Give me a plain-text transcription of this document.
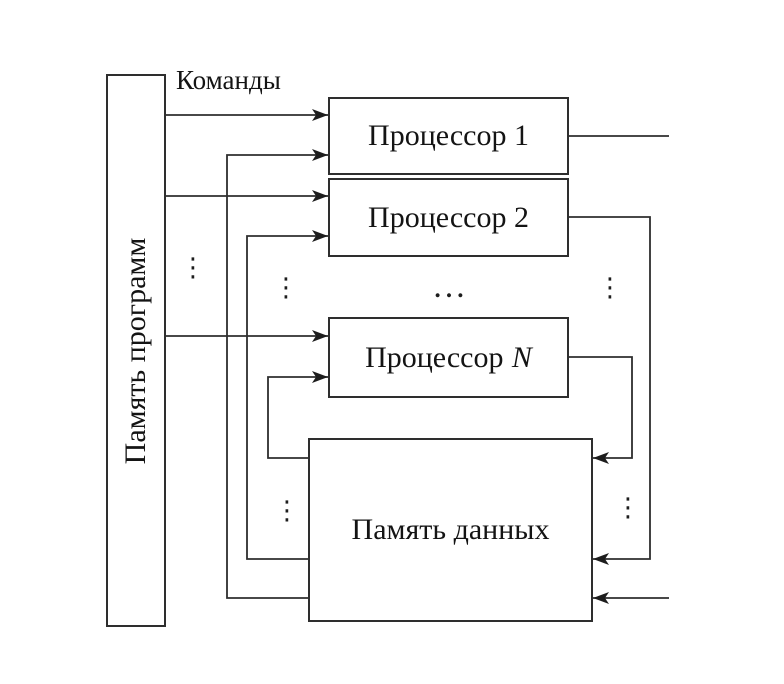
Память программ
Процессор 1
Процессор 2
Процессор N
Память данных
Команды
⋮
⋮	⋮
⋮	⋮
…
